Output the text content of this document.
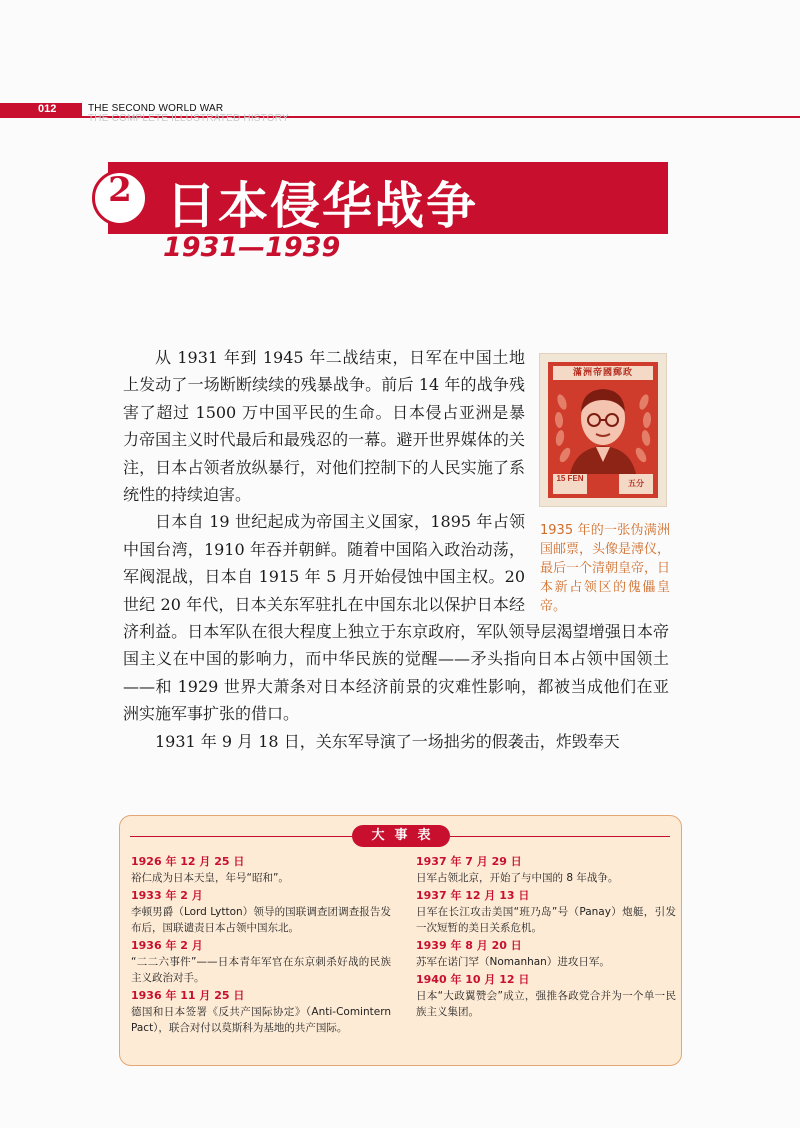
012	THE SECOND WORLD WAR
THE COMPLETE ILLUSTRATED HISTORY
2 日本侵华战争
1931—1939

从 1931 年到 1945 年二战结束，日军在中国土地上发动了一场断断续续的残暴战争。前后 14 年的战争残害了超过 1500 万中国平民的生命。日本侵占亚洲是暴力帝国主义时代最后和最残忍的一幕。避开世界媒体的关注，日本占领者放纵暴行，对他们控制下的人民实施了系统性的持续迫害。

日本自 19 世纪起成为帝国主义国家，1895 年占领中国台湾，1910 年吞并朝鲜。随着中国陷入政治动荡，军阀混战，日本自 1915 年 5 月开始侵蚀中国主权。20 世纪 20 年代，日本关东军驻扎在中国东北以保护日本经济利益。日本军队在很大程度上独立于东京政府，军队领导层渴望增强日本帝国主义在中国的影响力，而中华民族的觉醒——矛头指向日本占领中国领土——和 1929 世界大萧条对日本经济前景的灾难性影响，都被当成他们在亚洲实施军事扩张的借口。

1931 年 9 月 18 日，关东军导演了一场拙劣的假袭击，炸毁奉天

滿洲帝國郵政
15 FEN
五分
1935 年的一张伪满洲国邮票，头像是溥仪，最后一个清朝皇帝，日本新占领区的傀儡皇帝。
大事表
1926 年 12 月 25 日
裕仁成为日本天皇，年号“昭和”。
1933 年 2 月
李顿男爵（Lord Lytton）领导的国联调查团调查报告发布后，国联谴责日本占领中国东北。
1936 年 2 月
“二二六事件”——日本青年军官在东京刺杀好战的民族主义政治对手。
1936 年 11 月 25 日
德国和日本签署《反共产国际协定》（Anti-Comintern Pact），联合对付以莫斯科为基地的共产国际。
1937 年 7 月 29 日
日军占领北京，开始了与中国的 8 年战争。
1937 年 12 月 13 日
日军在长江攻击美国“班乃岛”号（Panay）炮艇，引发一次短暂的美日关系危机。
1939 年 8 月 20 日
苏军在诺门罕（Nomanhan）进攻日军。
1940 年 10 月 12 日
日本“大政翼赞会”成立，强推各政党合并为一个单一民族主义集团。
